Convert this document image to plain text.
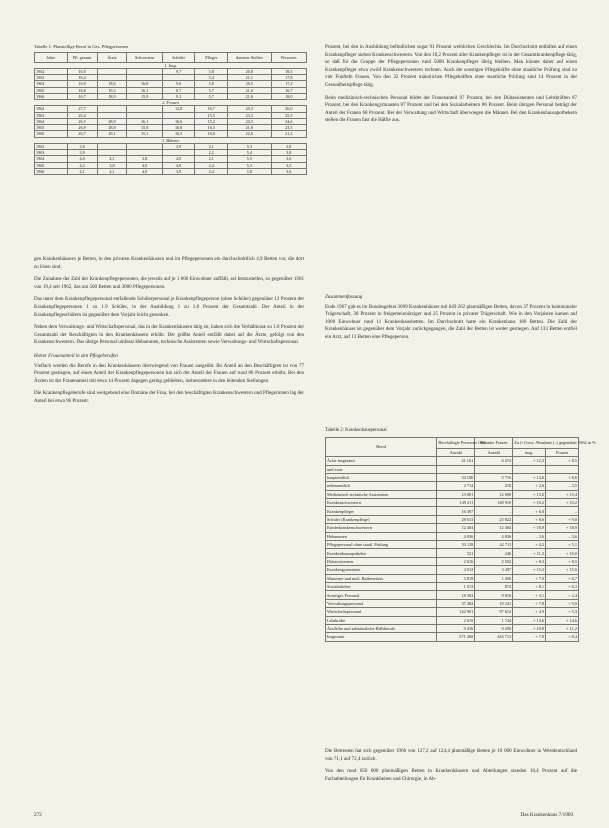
Tabelle 1: Planstellige Beruf in Ges. Pflegpersonen
Jahre	Pfl. gesamt	Ärzte	Schwestern	Schüler	Pfleger	darunter Stellen	Personen
1. Insg.							
1962	16,9			9,7	5,8	20,8	18,5
1963	16,4				5,4	21,1	17,8
1964	16,9	18,6	16,8	9,6	5,8	20,5	17,2
1965	16,8	19,3	16,1	8,7	5,7	21,0	16,7
1966	16,7	18,9	15,9	9,1	5,7	21,6	18,0
2. Frauen							
1962	27,7			12,8	16,7	25,3	26,0
1963	26,4				15,5	23,3	25,5
1964	26,5	28,9	16,1	16,6	15,2	23,5	24,6
1965	26,9	28,8	15,8	16,8	16,5	21,9	23,5
1966	26,7	29,1	15,1	16,5	16,6	22,6	21,2
3. Männer							
1962	3,8			3,9	2,1	5,3	3,8
1963	3,9				2,2	5,4	3,8
1964	4,0	4,1	3,8	4,0	2,1	5,5	3,6
1965	4,2	3,8	4,0	4,0	2,4	5,3	3,5
1966	4,1	4,1	4,0	3,9	2,4	5,8	3,6

gen Krankenhäusern je Betten, in den privaten Krankenhäusern und im Pflegepersonen ein durchschnittlich 4,9 Betten vor, die dort zu lösen sind.

Die Zunahme der Zahl der Krankenpflegepersonen, die jeweils auf je 1 000 Einwohner auffällt, sei festzustellen, so gegenüber 1961 von 19,4 seit 1962, das um 500 Betten und 3000 Pflegepersonen.

Das unter dem Krankenpflegepersonal entfallende Schülerpersonal je Krankenpflegeperson (ohne Schüler) gegenüber 12 Prozent der Krankenpflegepersonen 1 zu 1.9 Schüler, in der Ausbildung 1 zu 1.8 Prozent der Gesamtzahl. Der Anteil in der Krankenpflegeschülern ist gegenüber dem Vorjahr leicht gesunken.

Neben dem Verwaltungs- und Wirtschaftspersonal, das in der Krankenhäusern tätig ist, haben sich die Verhältnisse zu 1.8 Prozent der Gesamtzahl der Beschäftigten in den Krankenhäusern erhöht. Der größte Anteil entfällt dabei auf die Ärzte, gefolgt von den Krankenschwestern. Das übrige Personal umfasst Hebammen, technische Assistenten sowie Verwaltungs- und Wirtschaftspersonal.

Hoher Frauenanteil in den Pflegeberufen

Vielfach werden die Berufe in den Krankenhäusern überwiegend von Frauen ausgeübt. Ihr Anteil an den Beschäftigten ist von 77 Prozent gestiegen, auf einen Anteil der Krankenpflegepersonen hat sich der Anteil der Frauen auf rund 86 Prozent erhöht. Bei den Ärzten ist der Frauenanteil mit etwa 14 Prozent dagegen gering geblieben, insbesondere in den leitenden Stellungen.

Die Krankenpflegeberufe sind weitgehend eine Domäne der Frau, bei den beschäftigten Krankenschwestern und Pflegerinnen lag der Anteil bei etwa 96 Prozent.

Prozent, bei den in Ausbildung befindlichen sogar 91 Prozent weiblichen Geschlechts. Im Durchschnitt entfallen auf einen Krankenpfleger sieben Krankenschwestern. Von den 10,2 Prozent aller Krankenpfleger ist in der Gesamtkrankenpflege tätig, so daß für die Gruppe der Pflegepersonen rund 5000 Krankenpfleger übrig bleiben. Man könnte daher auf einen Krankenpfleger etwa zwölf Krankenschwestern rechnen. Auch die sonstigen Pflegekräfte ohne staatliche Prüfung sind zu vier Fünfteln Frauen. Von den 32 Prozent männlichen Pflegekräften ohne staatliche Prüfung sind 14 Prozent in der Gesundheitspflege tätig.

Beim medizinisch-technischen Personal bildet der Frauenanteil 97 Prozent, bei den Diätassistenten und Lehrkräften 87 Prozent, bei den Krankengymnasten 87 Prozent und bei den Sozialarbeitern 86 Prozent. Beim übrigen Personal beträgt der Anteil der Frauen 68 Prozent. Bei der Verwaltung und Wirtschaft überwiegen die Männer. Bei den Krankenhausapothekern stellen die Frauen fast die Hälfte aus.

Zusammenfassung

Ende 1967 gab es im Bundesgebiet 3609 Krankenhäuser mit 649 262 planmäßigen Betten, davon 37 Prozent in kommunaler Trägerschaft, 38 Prozent in freigemeinnütziger und 25 Prozent in privater Trägerschaft. Wie in den Vorjahren kamen auf 1000 Einwohner rund 11 Krankenhausbetten. Im Durchschnitt hatte ein Krankenhaus 180 Betten. Die Zahl der Krankenhäuser ist gegenüber dem Vorjahr zurückgegangen, die Zahl der Betten ist weiter gestiegen. Auf 133 Betten entfiel ein Arzt, auf 13 Betten eine Pflegeperson.

Tabelle 2: Krankenhauspersonal
Beruf	Beschäftigte Personen 1966	darunter Frauen	Zu (+) bzw. Abnahme (–) gegenüber 1962 in %	
	Anzahl	Anzahl	insg.	Frauen
Ärzte insgesamt	41 161	6 213	+ 12,3	+ 8,5
und zwar				
hauptamtlich	34 180	5 716	+ 14,8	+ 8,6
nebenamtlich	2 714	218	+ 2,6	– 3,5
Medizinisch-technische Assistenten	13 081	12 690	+ 15,0	+ 15,4
Krankenschwestern	149 211	148 910	+ 10,2	+ 10,2
Krankenpfleger	16 497	–	+ 6,8	–
Schüler (Krankenpflege)	28 613	25 822	+ 8,6	+ 9,0
Kinderkrankenschwestern	12 404	12 404	+ 18,9	+ 18,9
Hebammen	4 836	4 836	– 3,6	– 3,6
Pflegepersonal ohne staatl. Prüfung	53 118	42 711	+ 4,2	+ 5,1
Krankenhausapotheker	521	246	+ 11,3	+ 16,0
Diätassistenten	2 616	2 592	+ 8,3	+ 8,5
Krankengymnasten	4 012	3 497	+ 15,2	+ 15,0
Masseure und med. Bademeister	3 819	1 456	+ 7,0	+ 6,7
Sozialarbeiter	1 013	874	+ 8,1	+ 6,3
Sonstiges Personal	18 302	9 816	+ 3,1	+ 2,4
Verwaltungspersonal	37 482	18 241	+ 7,8	+ 9,0
Wirtschaftspersonal	142 901	97 612	+ 4,9	+ 5,3
Lehrkräfte	2 019	1 744	+ 13,6	+ 14,6
Ärztliche und zahnärztliche Hilfsberufe	9 416	9 290	+ 10,8	+ 11,2
Insgesamt	571 268	444 713	+ 7,8	+ 8,4

Die Betreuten hat sich gegenüber 1966 von 127,2 auf 124,4 planmäßige Betten je 10 000 Einwohner in Westdeutschland von 71,1 auf 72,4 zurück.

Von den rund 650 000 planmäßigen Betten in Krankenhäusern und Abteilungen standen 18,4 Prozent auf die Fachabteilungen für Krankheiten und Chirurgie, in Ab-

272	Das Krankenhaus 7/1969
